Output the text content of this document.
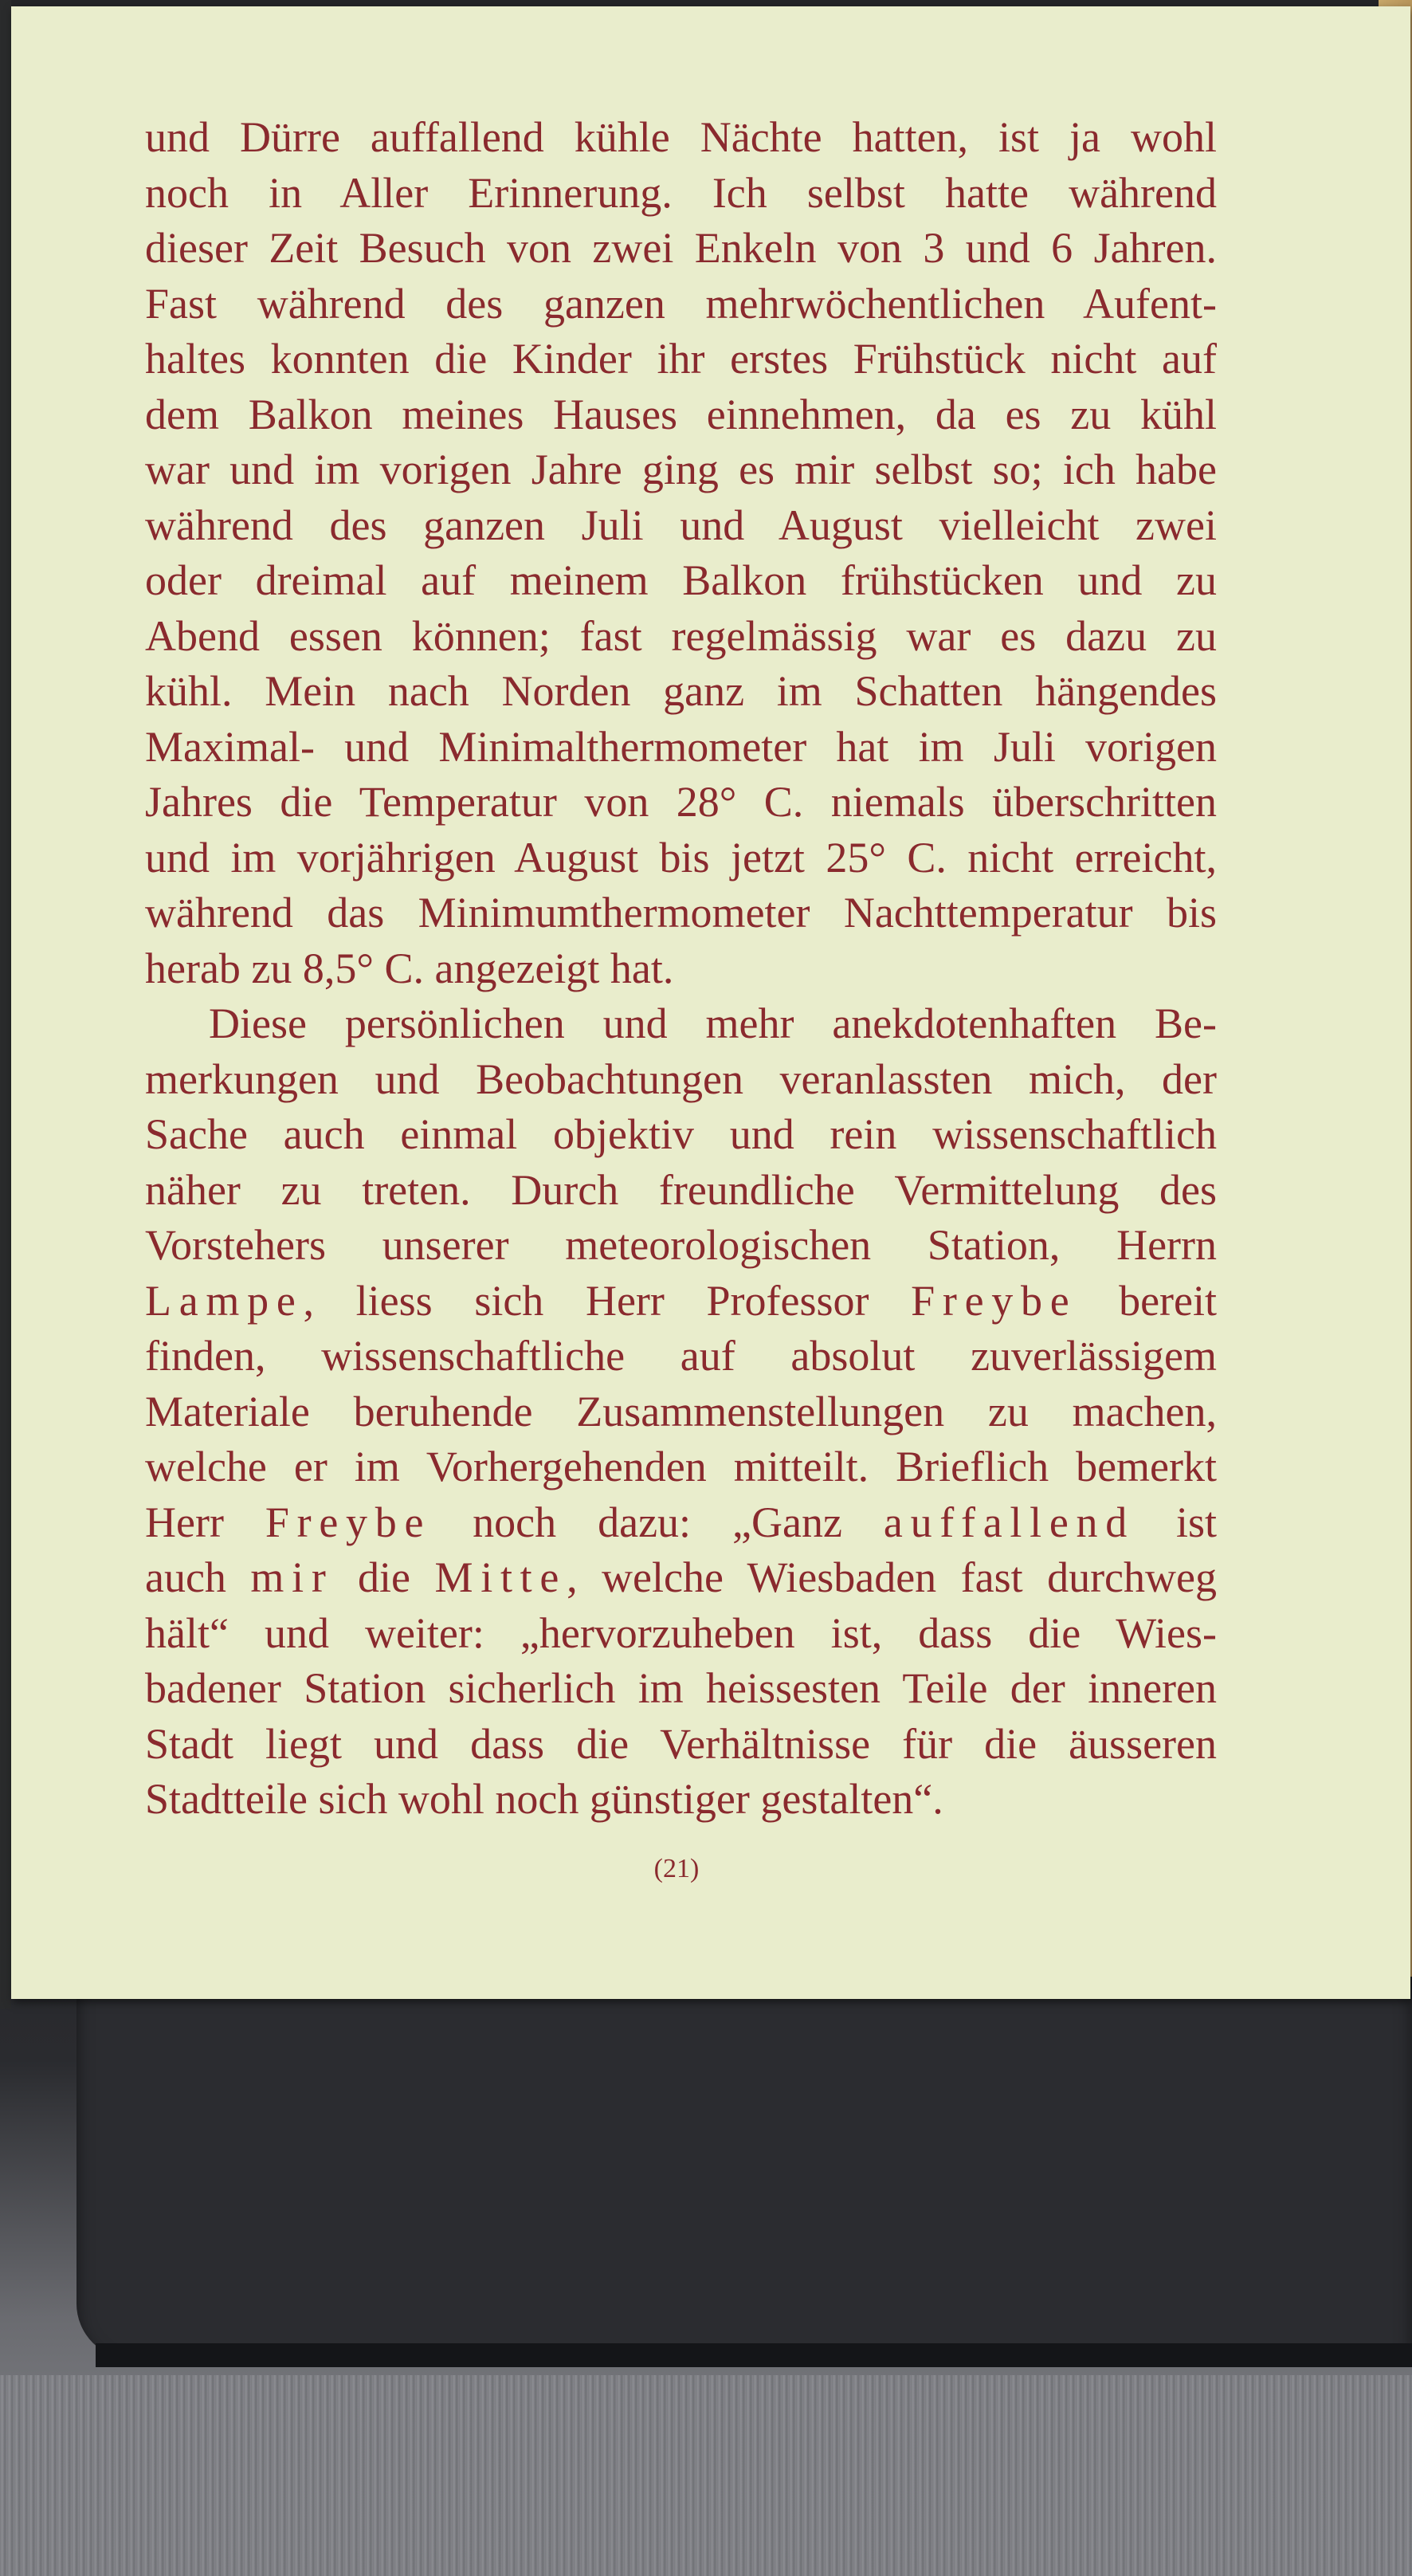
und Dürre auffallend kühle Nächte hatten, ist ja wohl
noch in Aller Erinnerung. Ich selbst hatte während
dieser Zeit Besuch von zwei Enkeln von 3 und 6 Jahren.
Fast während des ganzen mehrwöchentlichen Aufent-
haltes konnten die Kinder ihr erstes Frühstück nicht auf
dem Balkon meines Hauses einnehmen, da es zu kühl
war und im vorigen Jahre ging es mir selbst so; ich habe
während des ganzen Juli und August vielleicht zwei
oder dreimal auf meinem Balkon frühstücken und zu
Abend essen können; fast regelmässig war es dazu zu
kühl. Mein nach Norden ganz im Schatten hängendes
Maximal- und Minimalthermometer hat im Juli vorigen
Jahres die Temperatur von 28° C. niemals überschritten
und im vorjährigen August bis jetzt 25° C. nicht erreicht,
während das Minimumthermometer Nachttemperatur bis
herab zu 8,5° C. angezeigt hat.
Diese persönlichen und mehr anekdotenhaften Be-
merkungen und Beobachtungen veranlassten mich, der
Sache auch einmal objektiv und rein wissenschaftlich
näher zu treten. Durch freundliche Vermittelung des
Vorstehers unserer meteorologischen Station, Herrn
Lampe, liess sich Herr Professor Freybe bereit
finden, wissenschaftliche auf absolut zuverlässigem
Materiale beruhende Zusammenstellungen zu machen,
welche er im Vorhergehenden mitteilt. Brieflich bemerkt
Herr Freybe noch dazu: „Ganz auffallend ist
auch mir die Mitte, welche Wiesbaden fast durchweg
hält“ und weiter: „hervorzuheben ist, dass die Wies-
badener Station sicherlich im heissesten Teile der inneren
Stadt liegt und dass die Verhältnisse für die äusseren
Stadtteile sich wohl noch günstiger gestalten“.
(21)
